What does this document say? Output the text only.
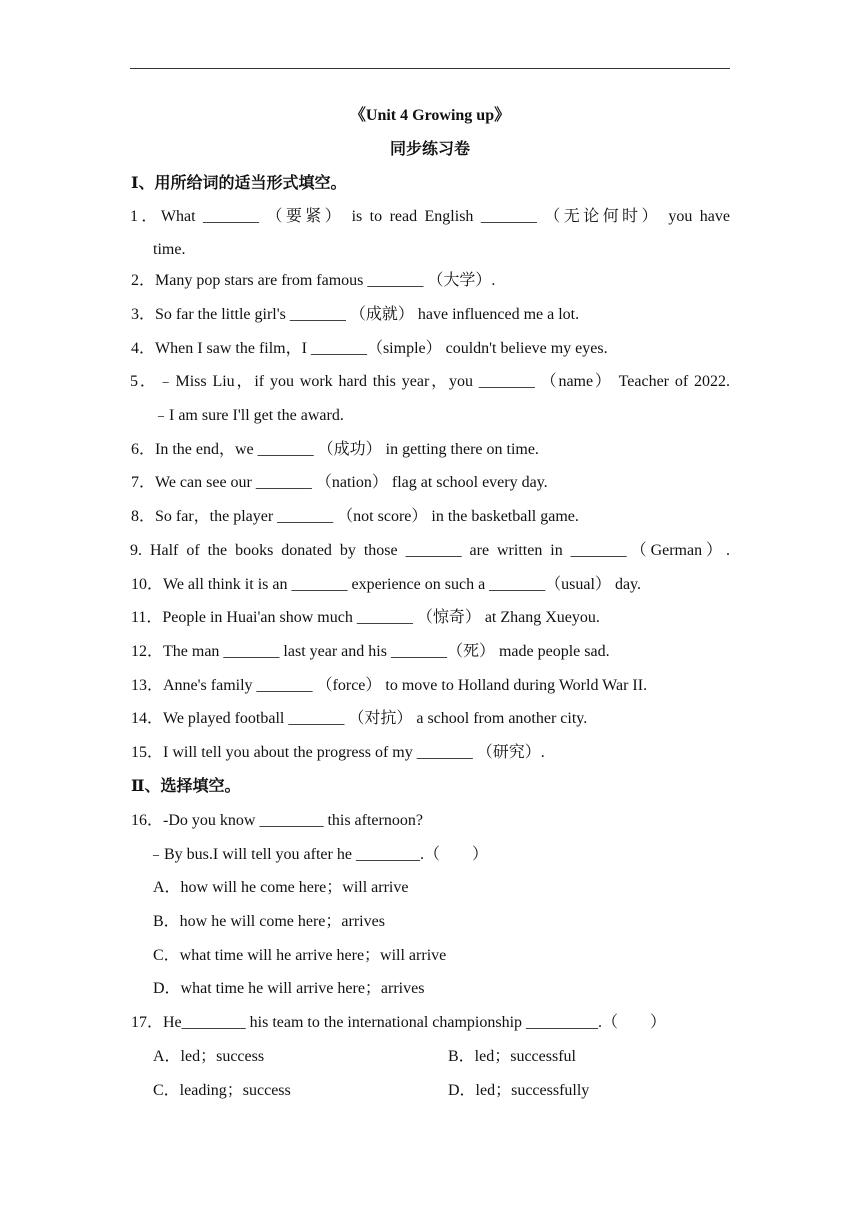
《Unit 4 Growing up》
同步练习卷
Ⅰ、用所给词的适当形式填空。
1．What _______ （要紧） is to read English _______ （无论何时） you have
time.
2．Many pop stars are from famous _______ （大学）.
3．So far the little girl's _______ （成就） have influenced me a lot.
4．When I saw the film，I _______（simple） couldn't believe my eyes.
5．﹣Miss Liu，if you work hard this year，you _______ （name） Teacher of 2022.
﹣I am sure I'll get the award.
6．In the end，we _______ （成功） in getting there on time.
7．We can see our _______ （nation） flag at school every day.
8．So far，the player _______ （not score） in the basketball game.
9. Half of the books donated by those _______ are written in _______（German）.
10．We all think it is an _______ experience on such a _______（usual） day.
11．People in Huai'an show much _______ （惊奇） at Zhang Xueyou.
12．The man _______ last year and his _______（死） made people sad.
13．Anne's family _______ （force） to move to Holland during World War II.
14．We played football _______ （对抗） a school from another city.
15．I will tell you about the progress of my _______ （研究）.
Ⅱ、选择填空。
16．-Do you know ________ this afternoon?
﹣By bus.I will tell you after he ________.（　　）
A．how will he come here；will arrive
B．how he will come here；arrives
C．what time will he arrive here；will arrive
D．what time he will arrive here；arrives
17．He________ his team to the international championship _________.（　　）
A．led；success	B．led；successful
C．leading；success	D．led；successfully
